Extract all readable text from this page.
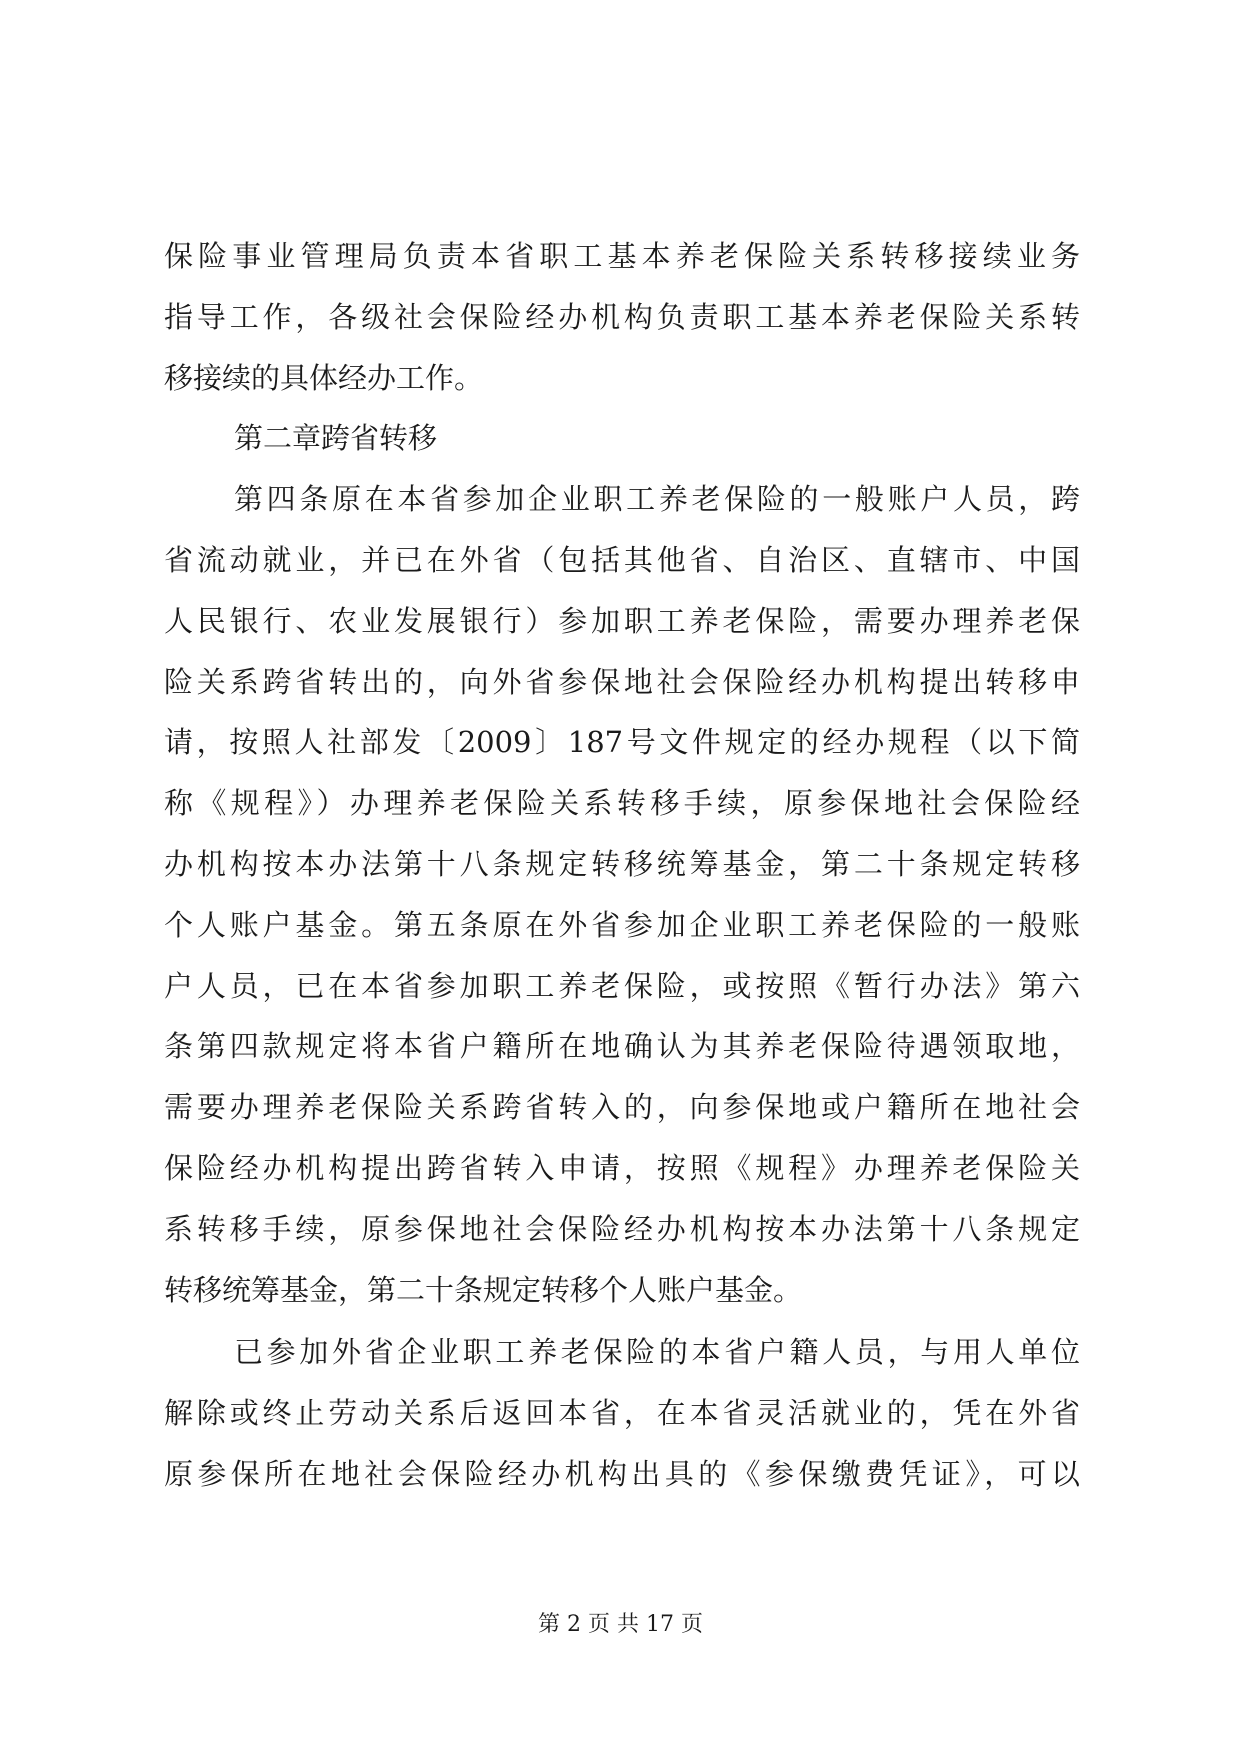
保险事业管理局负责本省职工基本养老保险关系转移接续业务
指导工作，各级社会保险经办机构负责职工基本养老保险关系转
移接续的具体经办工作。
第二章跨省转移
第四条原在本省参加企业职工养老保险的一般账户人员，跨
省流动就业，并已在外省（包括其他省、自治区、直辖市、中国
人民银行、农业发展银行）参加职工养老保险，需要办理养老保
险关系跨省转出的，向外省参保地社会保险经办机构提出转移申
请，按照人社部发〔2009〕187号文件规定的经办规程（以下简
称《规程》）办理养老保险关系转移手续，原参保地社会保险经
办机构按本办法第十八条规定转移统筹基金，第二十条规定转移
个人账户基金。第五条原在外省参加企业职工养老保险的一般账
户人员，已在本省参加职工养老保险，或按照《暂行办法》第六
条第四款规定将本省户籍所在地确认为其养老保险待遇领取地，
需要办理养老保险关系跨省转入的，向参保地或户籍所在地社会
保险经办机构提出跨省转入申请，按照《规程》办理养老保险关
系转移手续，原参保地社会保险经办机构按本办法第十八条规定
转移统筹基金，第二十条规定转移个人账户基金。
已参加外省企业职工养老保险的本省户籍人员，与用人单位
解除或终止劳动关系后返回本省，在本省灵活就业的，凭在外省
原参保所在地社会保险经办机构出具的《参保缴费凭证》，可以
第 2 页 共 17 页
